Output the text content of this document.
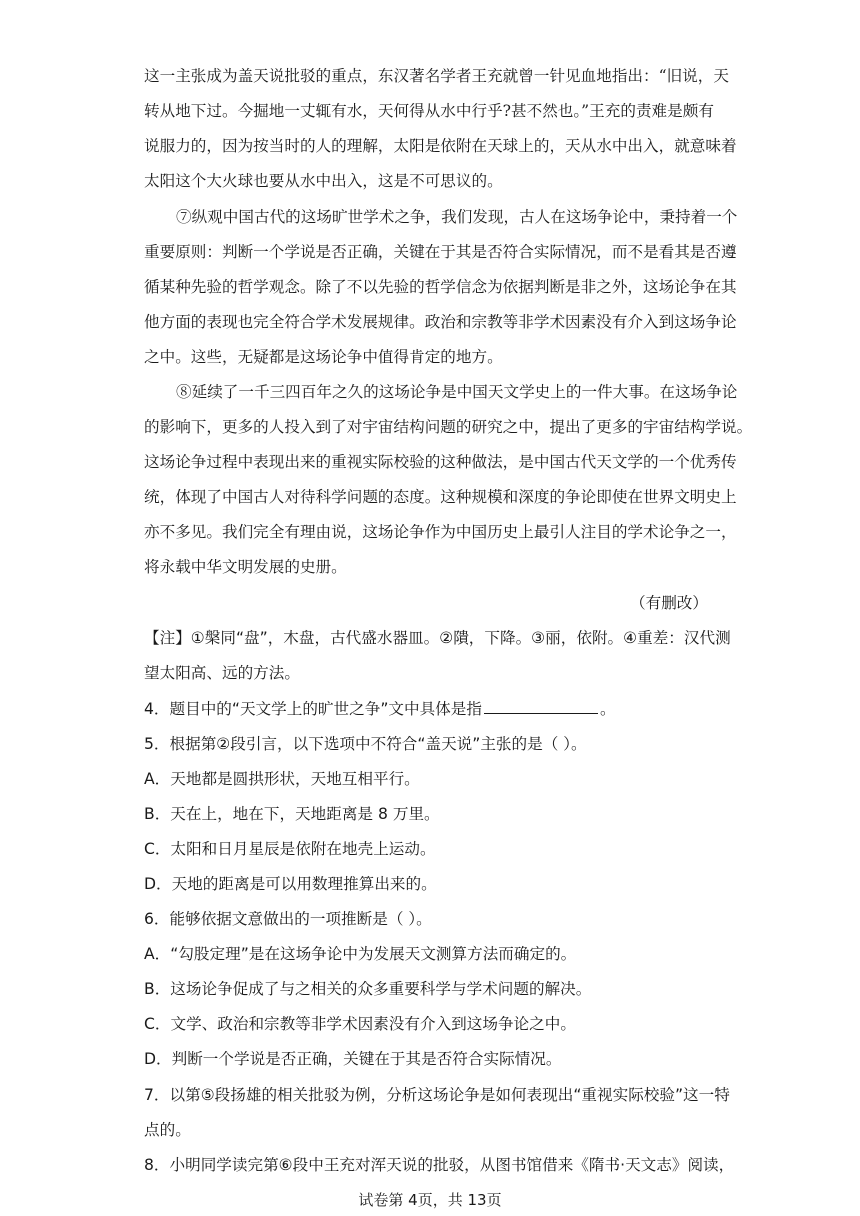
这一主张成为盖天说批驳的重点，东汉著名学者王充就曾一针见血地指出：“旧说，天
转从地下过。今掘地一丈辄有水，天何得从水中行乎?甚不然也。”王充的责难是颇有
说服力的，因为按当时的人的理解，太阳是依附在天球上的，天从水中出入，就意味着
太阳这个大火球也要从水中出入，这是不可思议的。
⑦纵观中国古代的这场旷世学术之争，我们发现，古人在这场争论中，秉持着一个
重要原则：判断一个学说是否正确，关键在于其是否符合实际情况，而不是看其是否遵
循某种先验的哲学观念。除了不以先验的哲学信念为依据判断是非之外，这场论争在其
他方面的表现也完全符合学术发展规律。政治和宗教等非学术因素没有介入到这场争论
之中。这些，无疑都是这场论争中值得肯定的地方。
⑧延续了一千三四百年之久的这场论争是中国天文学史上的一件大事。在这场争论
的影响下，更多的人投入到了对宇宙结构问题的研究之中，提出了更多的宇宙结构学说。
这场论争过程中表现出来的重视实际校验的这种做法，是中国古代天文学的一个优秀传
统，体现了中国古人对待科学问题的态度。这种规模和深度的争论即使在世界文明史上
亦不多见。我们完全有理由说，这场论争作为中国历史上最引人注目的学术论争之一，
将永载中华文明发展的史册。
（有删改）
【注】①槃同“盘”，木盘，古代盛水器皿。②隤，下降。③丽，依附。④重差：汉代测
望太阳高、远的方法。
4．题目中的“天文学上的旷世之争”文中具体是指	。
5．根据第②段引言，以下选项中不符合“盖天说”主张的是（ ）。
A．天地都是圆拱形状，天地互相平行。
B．天在上，地在下，天地距离是 8 万里。
C．太阳和日月星辰是依附在地壳上运动。
D．天地的距离是可以用数理推算出来的。
6．能够依据文意做出的一项推断是（ ）。
A．“勾股定理”是在这场争论中为发展天文测算方法而确定的。
B．这场论争促成了与之相关的众多重要科学与学术问题的解决。
C．文学、政治和宗教等非学术因素没有介入到这场争论之中。
D．判断一个学说是否正确，关键在于其是否符合实际情况。
7．以第⑤段扬雄的相关批驳为例，分析这场论争是如何表现出“重视实际校验”这一特
点的。
8．小明同学读完第⑥段中王充对浑天说的批驳，从图书馆借来《隋书·天文志》阅读，
试卷第 4页，共 13页
